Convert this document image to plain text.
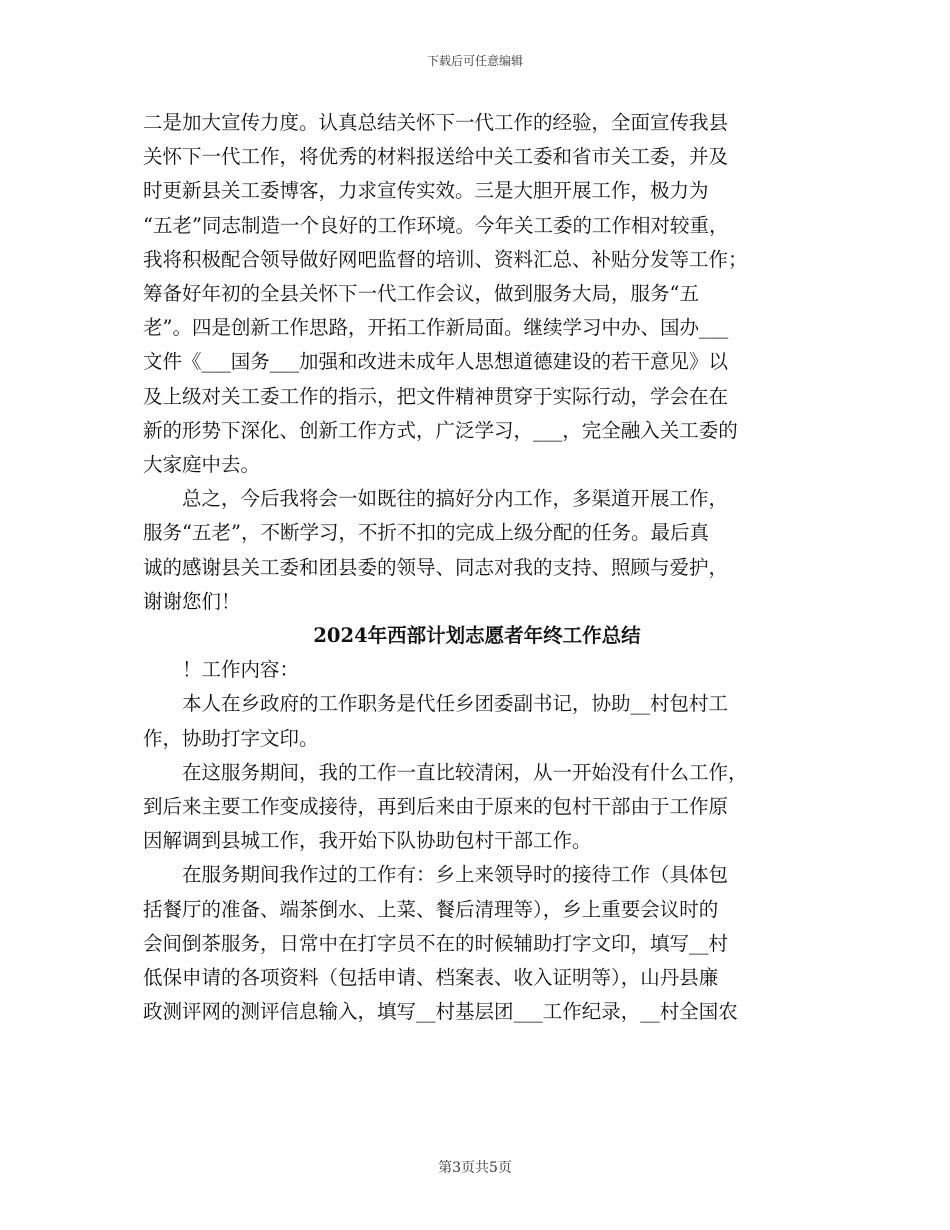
下载后可任意编辑

二是加大宣传力度。认真总结关怀下一代工作的经验，全面宣传我县

关怀下一代工作，将优秀的材料报送给中关工委和省市关工委，并及

时更新县关工委博客，力求宣传实效。三是大胆开展工作，极力为

“五老”同志制造一个良好的工作环境。今年关工委的工作相对较重，

我将积极配合领导做好网吧监督的培训、资料汇总、补贴分发等工作；

筹备好年初的全县关怀下一代工作会议，做到服务大局，服务“五

老”。四是创新工作思路，开拓工作新局面。继续学习中办、国办___

文件《___国务___加强和改进未成年人思想道德建设的若干意见》以

及上级对关工委工作的指示，把文件精神贯穿于实际行动，学会在在

新的形势下深化、创新工作方式，广泛学习，___，完全融入关工委的

大家庭中去。

总之，今后我将会一如既往的搞好分内工作，多渠道开展工作，

服务“五老”，不断学习，不折不扣的完成上级分配的任务。最后真

诚的感谢县关工委和团县委的领导、同志对我的支持、照顾与爱护，

谢谢您们！

2024年西部计划志愿者年终工作总结

！工作内容：

本人在乡政府的工作职务是代任乡团委副书记，协助__村包村工

作，协助打字文印。

在这服务期间，我的工作一直比较清闲，从一开始没有什么工作，

到后来主要工作变成接待，再到后来由于原来的包村干部由于工作原

因解调到县城工作，我开始下队协助包村干部工作。

在服务期间我作过的工作有：乡上来领导时的接待工作（具体包

括餐厅的准备、端茶倒水、上菜、餐后清理等），乡上重要会议时的

会间倒茶服务，日常中在打字员不在的时候辅助打字文印，填写__村

低保申请的各项资料（包括申请、档案表、收入证明等），山丹县廉

政测评网的测评信息输入，填写__村基层团___工作纪录，__村全国农

第3页共5页
